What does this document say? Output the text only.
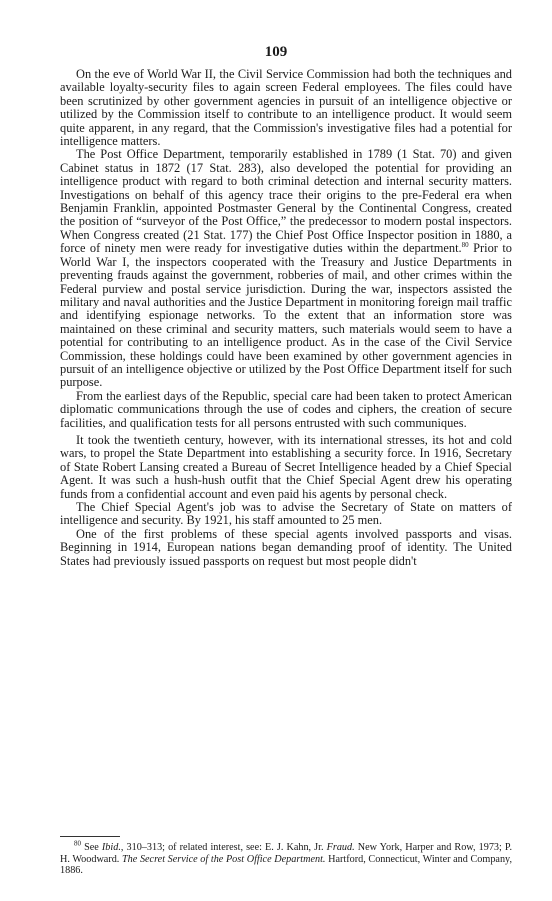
109

On the eve of World War II, the Civil Service Commission had both the techniques and available loyalty-security files to again screen Federal employees. The files could have been scrutinized by other government agencies in pursuit of an intelligence objective or utilized by the Commission itself to contribute to an intelligence product. It would seem quite apparent, in any regard, that the Commission's investigative files had a potential for intelligence matters.

The Post Office Department, temporarily established in 1789 (1 Stat. 70) and given Cabinet status in 1872 (17 Stat. 283), also developed the potential for providing an intelligence product with regard to both criminal detection and internal security matters. Investigations on behalf of this agency trace their origins to the pre-Federal era when Benjamin Franklin, appointed Postmaster General by the Continental Congress, created the position of “surveyor of the Post Office,” the predecessor to modern postal inspectors. When Congress created (21 Stat. 177) the Chief Post Office Inspector position in 1880, a force of ninety men were ready for investigative duties within the department.$^{80}$ Prior to World War I, the inspectors cooperated with the Treasury and Justice Departments in preventing frauds against the government, robberies of mail, and other crimes within the Federal purview and postal service jurisdiction. During the war, inspectors assisted the military and naval authorities and the Justice Department in monitoring foreign mail traffic and identifying espionage networks. To the extent that an information store was maintained on these criminal and security matters, such materials would seem to have a potential for contributing to an intelligence product. As in the case of the Civil Service Commission, these holdings could have been examined by other government agencies in pursuit of an intelligence objective or utilized by the Post Office Department itself for such purpose.

From the earliest days of the Republic, special care had been taken to protect American diplomatic communications through the use of codes and ciphers, the creation of secure facilities, and qualification tests for all persons entrusted with such communiques.

It took the twentieth century, however, with its international stresses, its hot and cold wars, to propel the State Department into establishing a security force. In 1916, Secretary of State Robert Lansing created a Bureau of Secret Intelligence headed by a Chief Special Agent. It was such a hush-hush outfit that the Chief Special Agent drew his operating funds from a confidential account and even paid his agents by personal check.

The Chief Special Agent's job was to advise the Secretary of State on matters of intelligence and security. By 1921, his staff amounted to 25 men.

One of the first problems of these special agents involved passports and visas. Beginning in 1914, European nations began demanding proof of identity. The United States had previously issued passports on request but most people didn't

$^{80}$ See Ibid., 310–313; of related interest, see: E. J. Kahn, Jr. Fraud. New York, Harper and Row, 1973; P. H. Woodward. The Secret Service of the Post Office Department. Hartford, Connecticut, Winter and Company, 1886.
